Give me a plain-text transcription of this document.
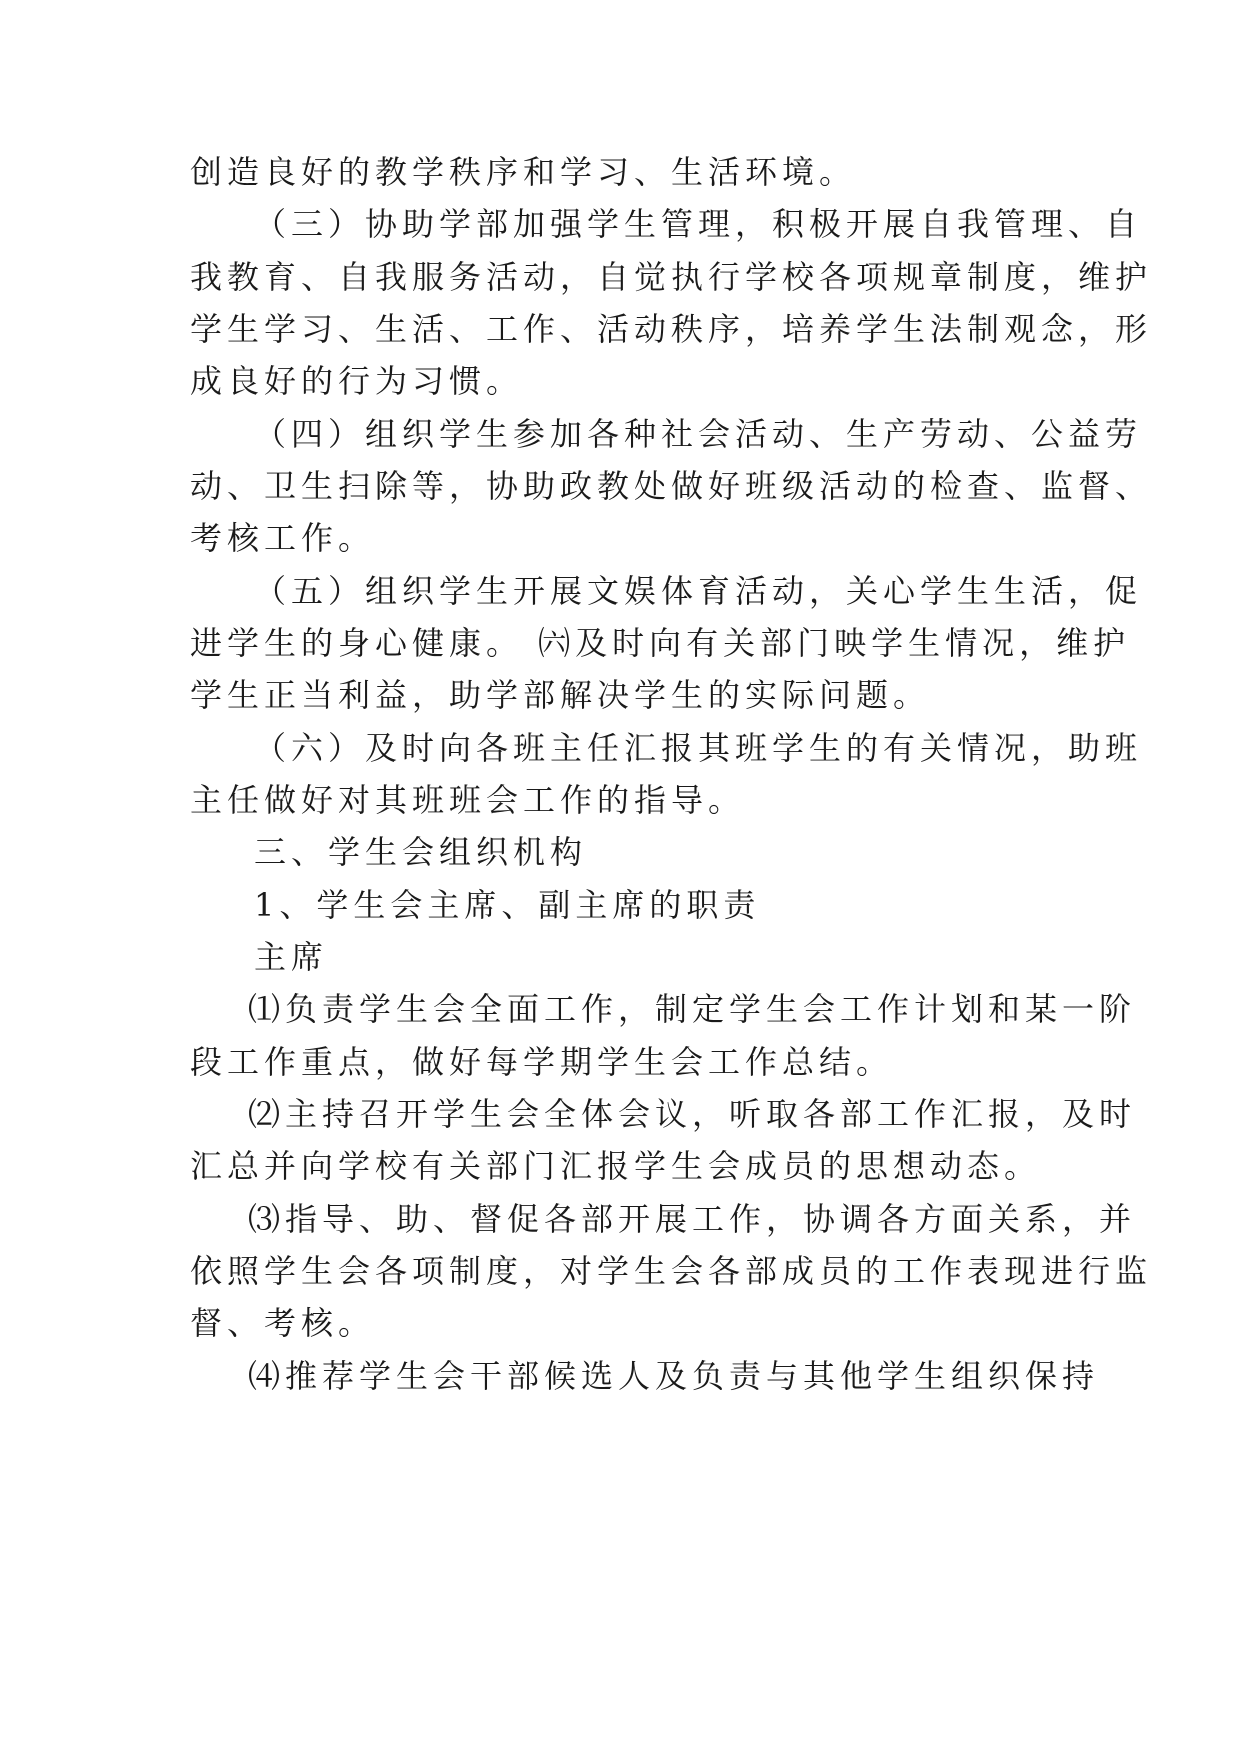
创造良好的教学秩序和学习、生活环境。
（三）协助学部加强学生管理，积极开展自我管理、自
我教育、自我服务活动，自觉执行学校各项规章制度，维护
学生学习、生活、工作、活动秩序，培养学生法制观念，形
成良好的行为习惯。
（四）组织学生参加各种社会活动、生产劳动、公益劳
动、卫生扫除等，协助政教处做好班级活动的检查、监督、
考核工作。
（五）组织学生开展文娱体育活动，关心学生生活，促
进学生的身心健康。 ㈥及时向有关部门映学生情况，维护
学生正当利益，助学部解决学生的实际问题。
（六）及时向各班主任汇报其班学生的有关情况，助班
主任做好对其班班会工作的指导。
三、学生会组织机构
1、学生会主席、副主席的职责
主席
⑴负责学生会全面工作，制定学生会工作计划和某一阶
段工作重点，做好每学期学生会工作总结。
⑵主持召开学生会全体会议，听取各部工作汇报，及时
汇总并向学校有关部门汇报学生会成员的思想动态。
⑶指导、助、督促各部开展工作，协调各方面关系，并
依照学生会各项制度，对学生会各部成员的工作表现进行监
督、考核。
⑷推荐学生会干部候选人及负责与其他学生组织保持
